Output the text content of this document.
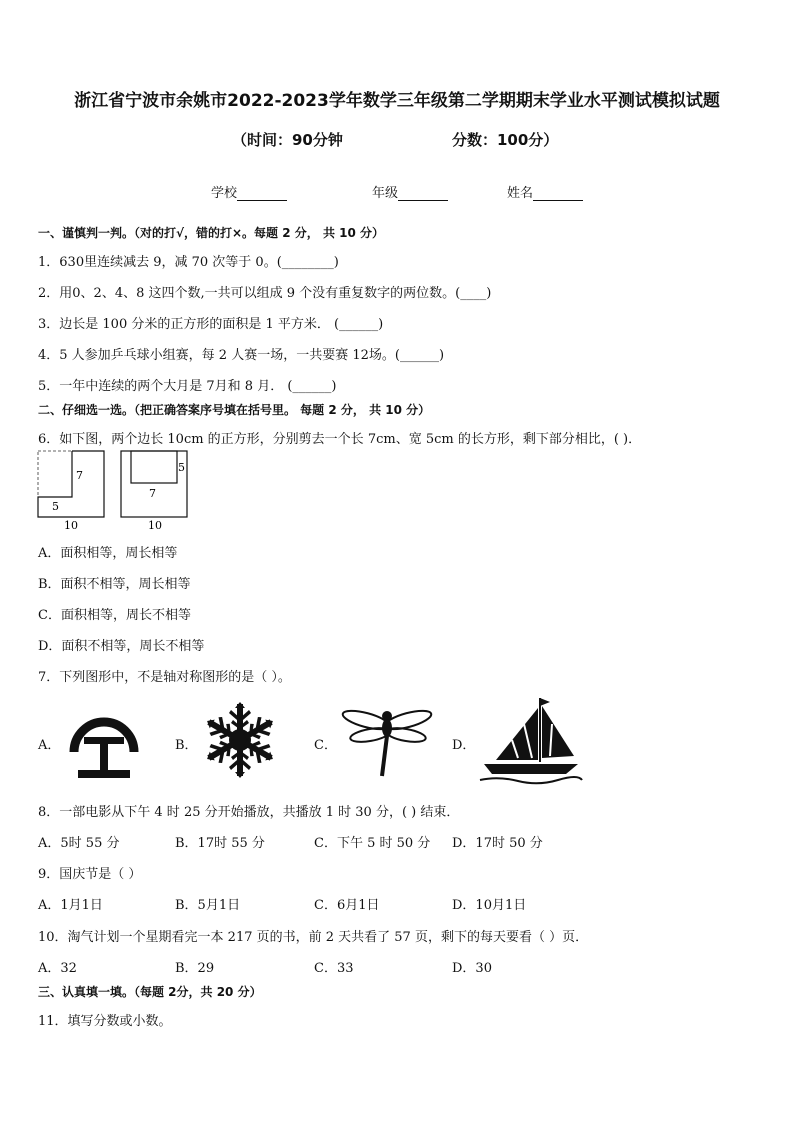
浙江省宁波市余姚市2022-2023学年数学三年级第二学期期末学业水平测试模拟试题
（时间：90分钟	分数：100分）
学校	年级	姓名
一、谨慎判一判。（对的打√，错的打×。每题 2 分， 共 10 分）
1．630里连续减去 9，减 70 次等于 0。(________)
2．用0、2、4、8 这四个数,一共可以组成 9 个没有重复数字的两位数。(____)
3．边长是 100 分米的正方形的面积是 1 平方米． (______)
4．5 人参加乒乓球小组赛，每 2 人赛一场，一共要赛 12场。(______)
5．一年中连续的两个大月是 7月和 8 月． (______)
二、仔细选一选。（把正确答案序号填在括号里。 每题 2 分， 共 10 分）
6．如下图，两个边长 10cm 的正方形，分别剪去一个长 7cm、宽 5cm 的长方形，剩下部分相比，( )．
7
5
10
5
7
10
A．面积相等，周长相等
B．面积不相等，周长相等
C．面积相等，周长不相等
D．面积不相等，周长不相等
7．下列图形中，不是轴对称图形的是（ ）。
A．	B．	C．	D．
8．一部电影从下午 4 时 25 分开始播放，共播放 1 时 30 分，( ) 结束．
A．5时 55 分	B．17时 55 分	C．下午 5 时 50 分 D．17时 50 分
9．国庆节是（ ）
A．1月1日	B．5月1日	C．6月1日	D．10月1日
10．淘气计划一个星期看完一本 217 页的书，前 2 天共看了 57 页，剩下的每天要看（ ）页．
A．32	B．29	C．33	D．30
三、认真填一填。（每题 2分，共 20 分）
11．填写分数或小数。
